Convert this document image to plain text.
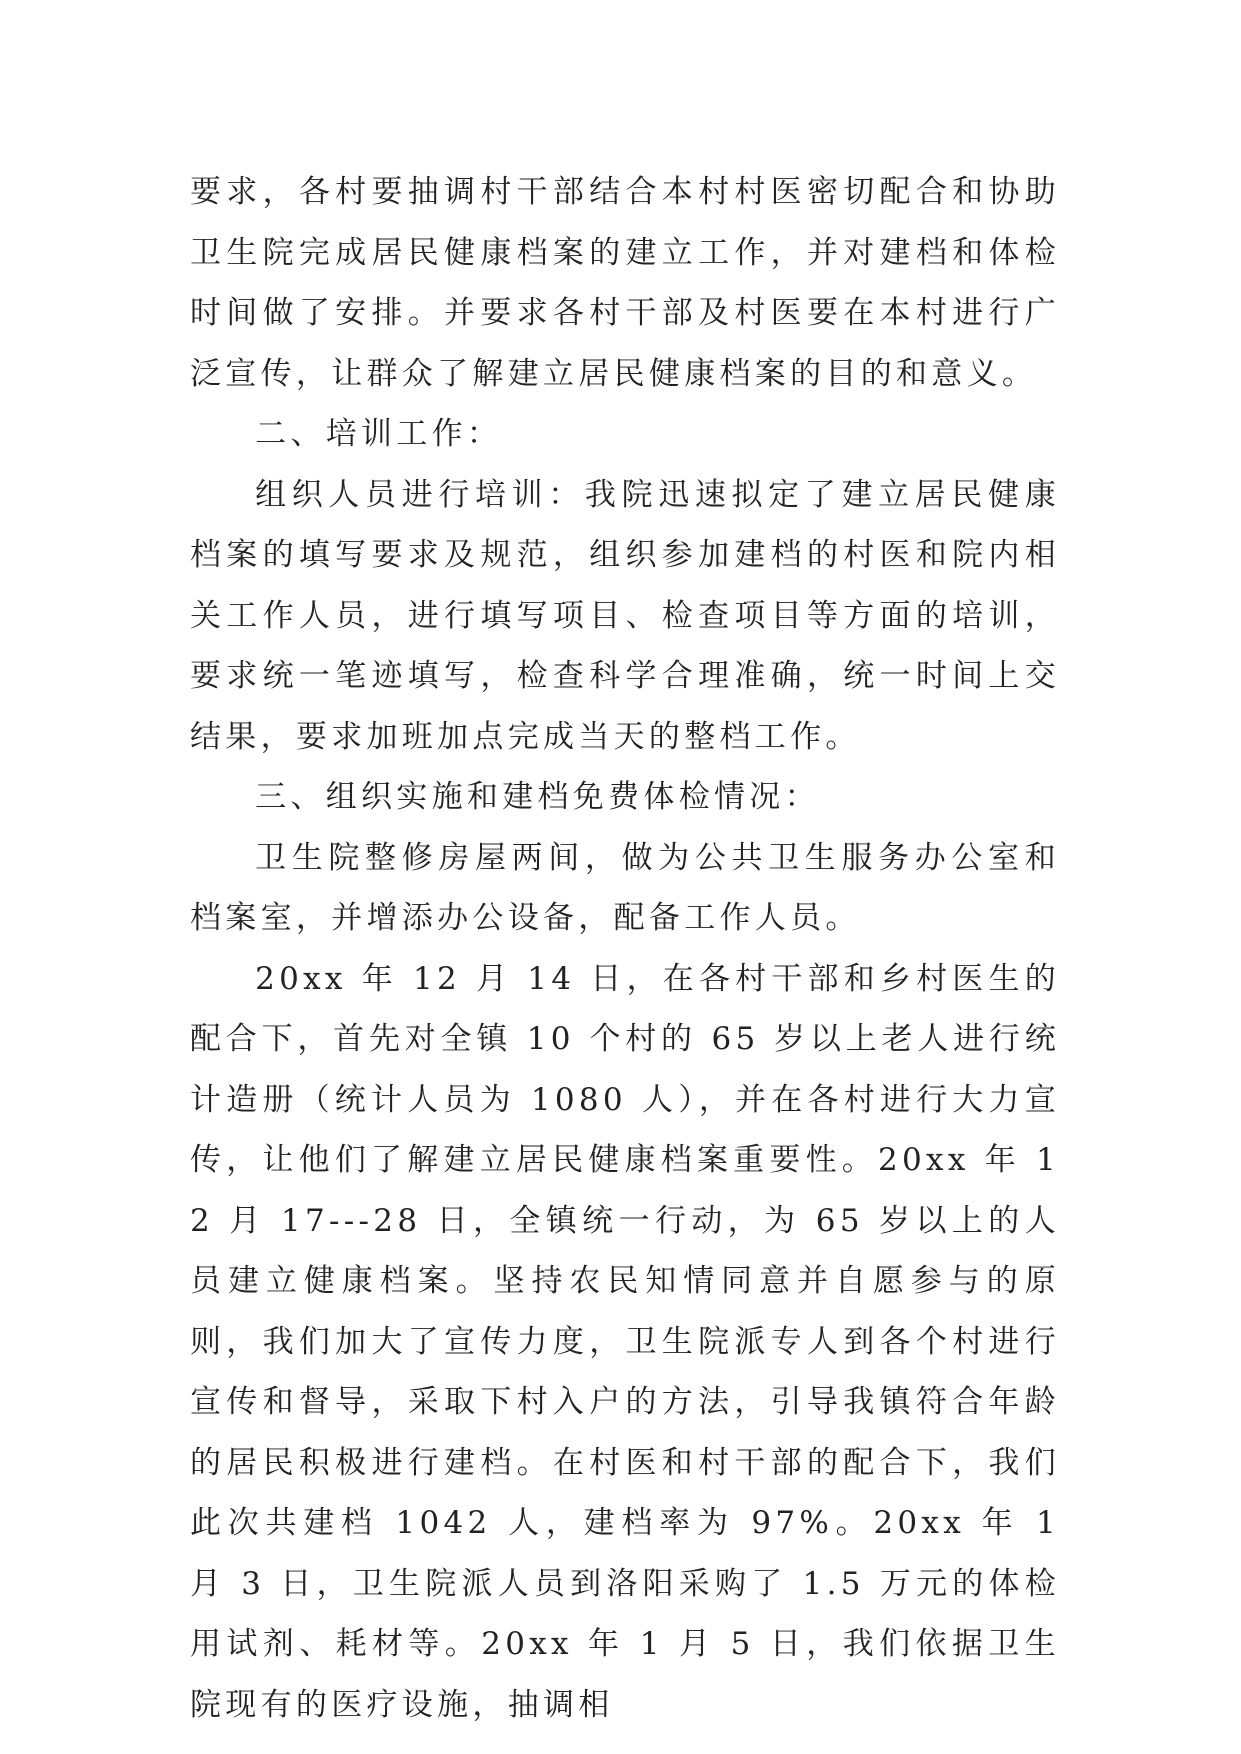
要求，各村要抽调村干部结合本村村医密切配合和协助卫生院完成居民健康档案的建立工作，并对建档和体检时间做了安排。并要求各村干部及村医要在本村进行广泛宣传，让群众了解建立居民健康档案的目的和意义。

二、培训工作：

组织人员进行培训：我院迅速拟定了建立居民健康档案的填写要求及规范，组织参加建档的村医和院内相关工作人员，进行填写项目、检查项目等方面的培训，要求统一笔迹填写，检查科学合理准确，统一时间上交结果，要求加班加点完成当天的整档工作。

三、组织实施和建档免费体检情况：

卫生院整修房屋两间，做为公共卫生服务办公室和档案室，并增添办公设备，配备工作人员。

20xx 年 12 月 14 日，在各村干部和乡村医生的配合下，首先对全镇 10 个村的 65 岁以上老人进行统计造册（统计人员为 1080 人），并在各村进行大力宣传，让他们了解建立居民健康档案重要性。20xx 年 12 月 17---28 日，全镇统一行动，为 65 岁以上的人员建立健康档案。坚持农民知情同意并自愿参与的原则，我们加大了宣传力度，卫生院派专人到各个村进行宣传和督导，采取下村入户的方法，引导我镇符合年龄的居民积极进行建档。在村医和村干部的配合下，我们此次共建档 1042 人，建档率为 97%。20xx 年 1 月 3 日，卫生院派人员到洛阳采购了 1.5 万元的体检用试剂、耗材等。20xx 年 1 月 5 日，我们依据卫生院现有的医疗设施，抽调相
